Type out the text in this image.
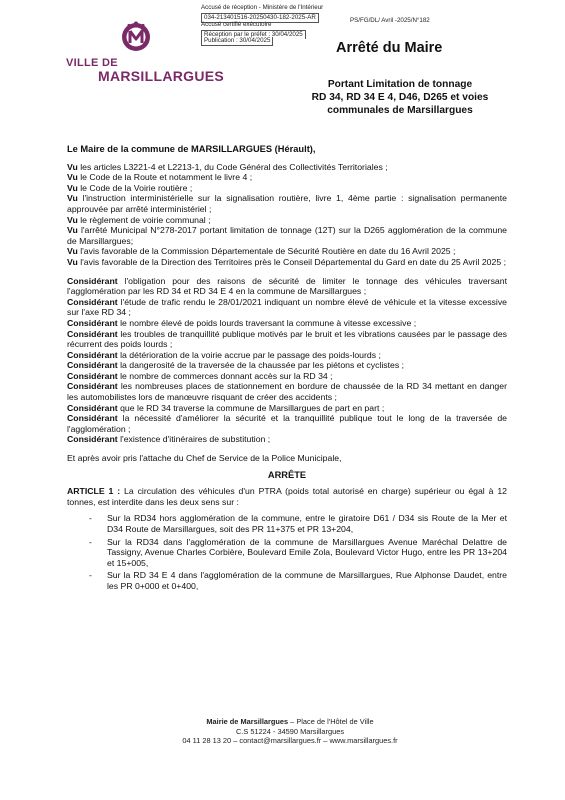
Accusé de réception - Ministère de l'Intérieur
034-213401516-20250430-182-2025-AR
Accusé certifié exécutoire
Réception par le préfet : 30/04/2025
Publication : 30/04/2025
PS/FG/DL/ Avril -2025/N°182
VILLE DE
MARSILLARGUES
Arrêté du Maire
Portant Limitation de tonnage
RD 34, RD 34 E 4, D46, D265 et voies
communales de Marsillargues
Le Maire de la commune de MARSILLARGUES (Hérault),

Vu les articles L3221-4 et L2213-1, du Code Général des Collectivités Territoriales ;

Vu le Code de la Route et notamment le livre 4 ;

Vu le Code de la Voirie routière ;

Vu l'instruction interministérielle sur la signalisation routière, livre 1, 4ème partie : signalisation permanente approuvée par arrêté interministériel ;

Vu le règlement de voirie communal ;

Vu l'arrêté Municipal N°278-2017 portant limitation de tonnage (12T) sur la D265 agglomération de la commune de Marsillargues;

Vu l'avis favorable de la Commission Départementale de Sécurité Routière en date du 16 Avril 2025 ;

Vu l'avis favorable de la Direction des Territoires près le Conseil Départemental du Gard en date du 25 Avril 2025 ;

Considérant l'obligation pour des raisons de sécurité de limiter le tonnage des véhicules traversant l'agglomération par les RD 34 et RD 34 E 4 en la commune de Marsillargues ;

Considérant l'étude de trafic rendu le 28/01/2021 indiquant un nombre élevé de véhicule et la vitesse excessive sur l'axe RD 34 ;

Considérant le nombre élevé de poids lourds traversant la commune à vitesse excessive ;

Considérant les troubles de tranquillité publique motivés par le bruit et les vibrations causées par le passage des récurrent des poids lourds ;

Considérant la détérioration de la voirie accrue par le passage des poids-lourds ;

Considérant la dangerosité de la traversée de la chaussée par les piétons et cyclistes ;

Considérant le nombre de commerces donnant accès sur la RD 34 ;

Considérant les nombreuses places de stationnement en bordure de chaussée de la RD 34 mettant en danger les automobilistes lors de manœuvre risquant de créer des accidents ;

Considérant que le RD 34 traverse la commune de Marsillargues de part en part ;

Considérant la nécessité d'améliorer la sécurité et la tranquillité publique tout le long de la traversée de l'agglomération ;

Considérant l'existence d'itinéraires de substitution ;

Et après avoir pris l'attache du Chef de Service de la Police Municipale,

ARRÊTE

ARTICLE 1 : La circulation des véhicules d'un PTRA (poids total autorisé en charge) supérieur ou égal à 12 tonnes, est interdite dans les deux sens sur :

- Sur la RD34 hors agglomération de la commune, entre le giratoire D61 / D34 sis Route de la Mer et D34 Route de Marsillargues, soit des PR 11+375 et PR 13+204,
- Sur la RD34 dans l'agglomération de la commune de Marsillargues Avenue Maréchal Delattre de Tassigny, Avenue Charles Corbière, Boulevard Emile Zola, Boulevard Victor Hugo, entre les PR 13+204 et 15+005,
- Sur la RD 34 E 4 dans l'agglomération de la commune de Marsillargues, Rue Alphonse Daudet, entre les PR 0+000 et 0+400,
Mairie de Marsillargues – Place de l'Hôtel de Ville
C.S 51224 - 34590 Marsillargues
04 11 28 13 20 – contact@marsillargues.fr – www.marsillargues.fr
